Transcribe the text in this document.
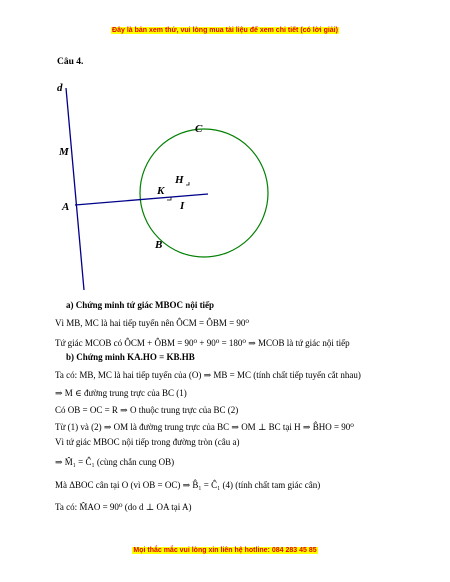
Đây là bản xem thử, vui lòng mua tài liệu để xem chi tiết (có lời giải)
Câu 4.
d
M
A
C
H
K
I
B
a) Chứng minh tứ giác MBOC nội tiếp
Vì MB, MC là hai tiếp tuyến nên ÔCM = ÔBM = 90⁰
Tứ giác MCOB có ÔCM + ÔBM = 90⁰ + 90⁰ = 180⁰ ⇒ MCOB là tứ giác nội tiếp
b) Chứng minh KA.HO = KB.HB
Ta có: MB, MC là hai tiếp tuyến của (O) ⇒ MB = MC (tính chất tiếp tuyến cắt nhau)
⇒ M ∈ đường trung trực của BC (1)
Có OB = OC = R ⇒ O thuộc trung trực của BC (2)
Từ (1) và (2) ⇒ OM là đường trung trực của BC ⇒ OM ⊥ BC tại H ⇒ B̂HO = 90⁰
Vì tứ giác MBOC nội tiếp trong đường tròn (câu a)
⇒ M̂₁ = Ĉ₁ (cùng chắn cung OB)
Mà ΔBOC cân tại O (vì OB = OC) ⇒ B̂₁ = Ĉ₁ (4) (tính chất tam giác cân)
Ta có: M̂AO = 90⁰ (do d ⊥ OA tại A)
Mọi thắc mắc vui lòng xin liên hệ hotline: 084 283 45 85
